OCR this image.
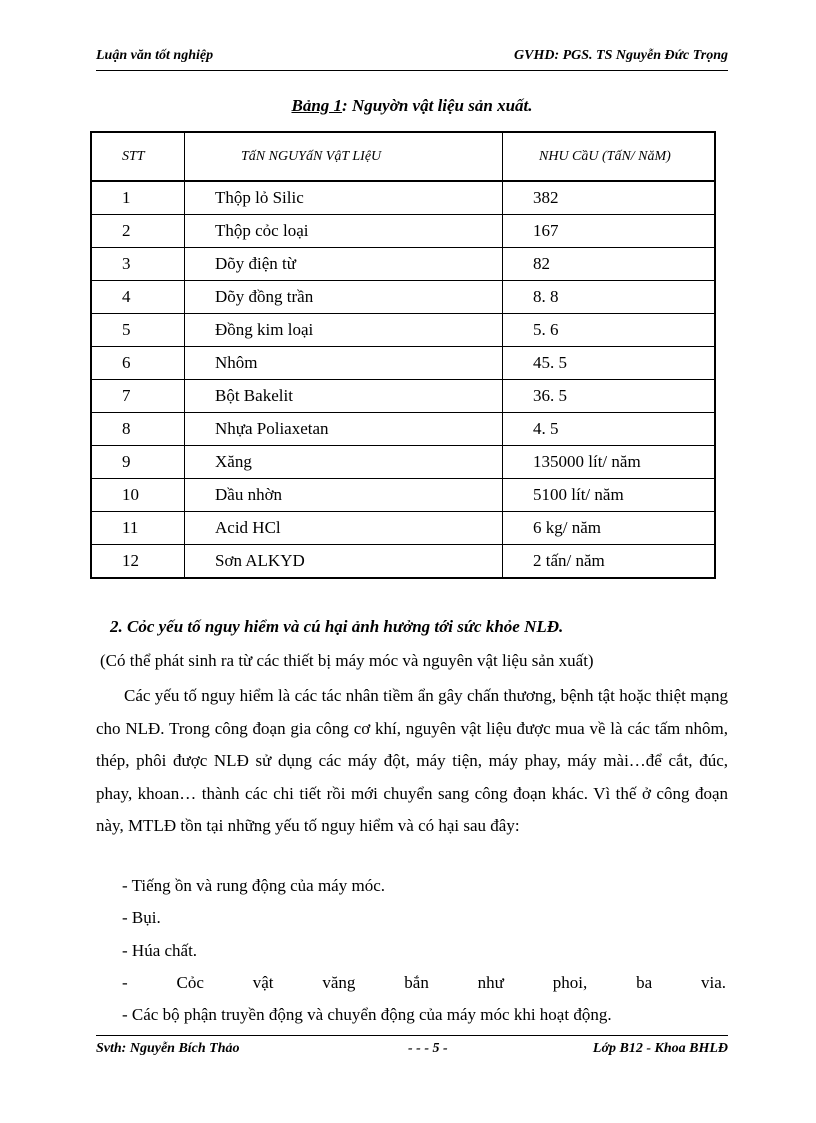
Luận văn tốt nghiệp	GVHD: PGS. TS Nguyễn Đức Trọng
Bảng 1: Nguyờn vật liệu sản xuất.
STT	TấN NGUYấN VậT LIệU	NHU CầU (TấN/ NăM)
1	Thộp lỏ Silic	382
2	Thộp cỏc loại	167
3	Dõy điện từ	82
4	Dõy đồng trần	8. 8
5	Đồng kim loại	5. 6
6	Nhôm	45. 5
7	Bột Bakelit	36. 5
8	Nhựa Poliaxetan	4. 5
9	Xăng	135000 lít/ năm
10	Dầu nhờn	5100 lít/ năm
11	Acid HCl	6 kg/ năm
12	Sơn ALKYD	2 tấn/ năm
2. Cỏc yếu tố nguy hiểm và cú hại ảnh hưởng tới sức khỏe NLĐ.
(Có thể phát sinh ra từ các thiết bị máy móc và nguyên vật liệu sản xuất)

Các yếu tố nguy hiểm là các tác nhân tiềm ẩn gây chấn thương, bệnh tật hoặc thiệt mạng cho NLĐ. Trong công đoạn gia công cơ khí, nguyên vật liệu được mua về là các tấm nhôm, thép, phôi được NLĐ sử dụng các máy đột, máy tiện, máy phay, máy mài…để cắt, đúc, phay, khoan… thành các chi tiết rồi mới chuyển sang công đoạn khác. Vì thế ở công đoạn này, MTLĐ tồn tại những yếu tố nguy hiểm và có hại sau đây:

- Tiếng ồn và rung động của máy móc.
- Bụi.
- Húa chất.
- Cỏc vật văng bắn như phoi, ba via.
- Các bộ phận truyền động và chuyển động của máy móc khi hoạt động.
Svth: Nguyễn Bích Thảo	- - - 5 -	Lớp B12 - Khoa BHLĐ
